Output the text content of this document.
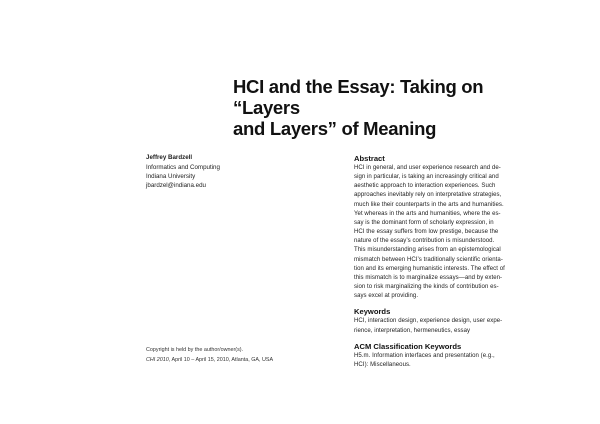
HCI and the Essay: Taking on “Layers
and Layers” of Meaning
Jeffrey Bardzell
Informatics and Computing
Indiana University
jbardzel@indiana.edu
Copyright is held by the author/owner(s).
CHI 2010, April 10 – April 15, 2010, Atlanta, GA, USA
Abstract

HCI in general, and user experience research and de-
sign in particular, is taking an increasingly critical and
aesthetic approach to interaction experiences. Such
approaches inevitably rely on interpretative strategies,
much like their counterparts in the arts and humanities.
Yet whereas in the arts and humanities, where the es-
say is the dominant form of scholarly expression, in
HCI the essay suffers from low prestige, because the
nature of the essay’s contribution is misunderstood.
This misunderstanding arises from an epistemological
mismatch between HCI’s traditionally scientific orienta-
tion and its emerging humanistic interests. The effect of
this mismatch is to marginalize essays—and by exten-
sion to risk marginalizing the kinds of contribution es-
says excel at providing.

Keywords

HCI, interaction design, experience design, user expe-
rience, interpretation, hermeneutics, essay

ACM Classification Keywords

H5.m. Information interfaces and presentation (e.g.,
HCI): Miscellaneous.
